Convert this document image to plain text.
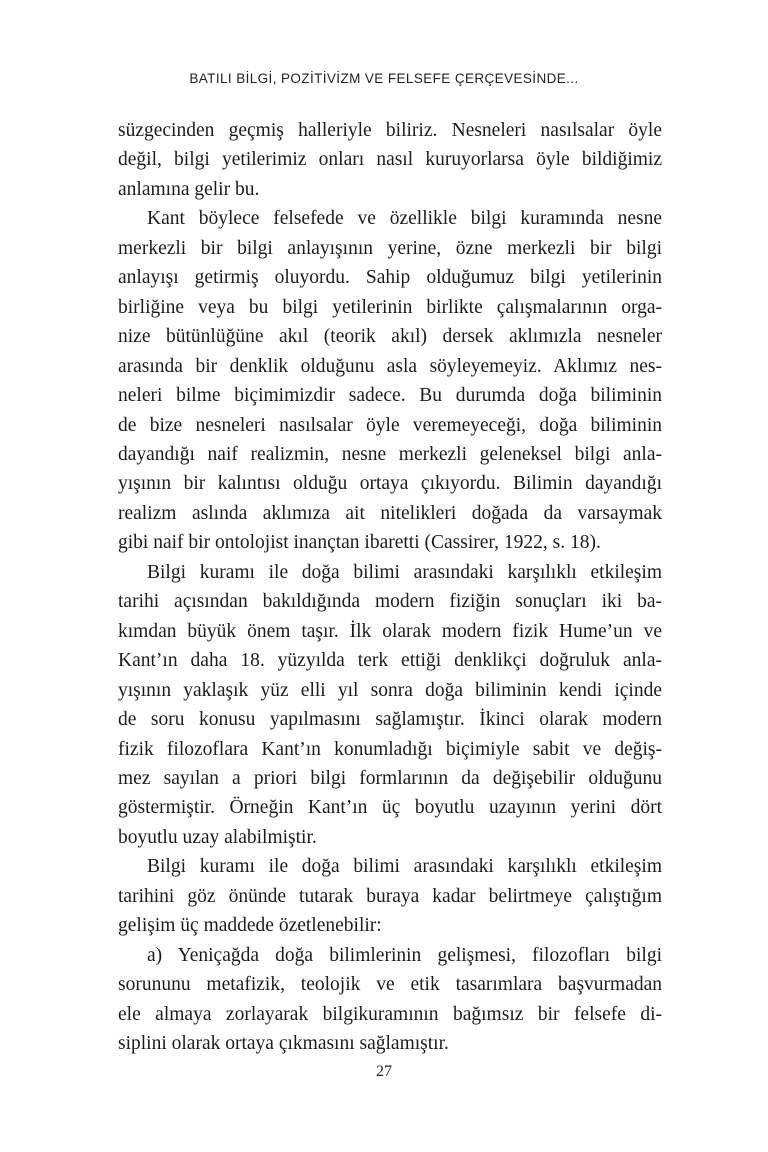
BATILI BİLGİ, POZİTİVİZM VE FELSEFE ÇERÇEVESİNDE...

süzgecinden geçmiş halleriyle biliriz. Nesneleri nasılsalar öyle
değil, bilgi yetilerimiz onları nasıl kuruyorlarsa öyle bildiğimiz
anlamına gelir bu.

Kant böylece felsefede ve özellikle bilgi kuramında nesne
merkezli bir bilgi anlayışının yerine, özne merkezli bir bilgi
anlayışı getirmiş oluyordu. Sahip olduğumuz bilgi yetilerinin
birliğine veya bu bilgi yetilerinin birlikte çalışmalarının orga-
nize bütünlüğüne akıl (teorik akıl) dersek aklımızla nesneler
arasında bir denklik olduğunu asla söyleyemeyiz. Aklımız nes-
neleri bilme biçimimizdir sadece. Bu durumda doğa biliminin
de bize nesneleri nasılsalar öyle veremeyeceği, doğa biliminin
dayandığı naif realizmin, nesne merkezli geleneksel bilgi anla-
yışının bir kalıntısı olduğu ortaya çıkıyordu. Bilimin dayandığı
realizm aslında aklımıza ait nitelikleri doğada da varsaymak
gibi naif bir ontolojist inançtan ibaretti (Cassirer, 1922, s. 18).

Bilgi kuramı ile doğa bilimi arasındaki karşılıklı etkileşim
tarihi açısından bakıldığında modern fiziğin sonuçları iki ba-
kımdan büyük önem taşır. İlk olarak modern fizik Hume’un ve
Kant’ın daha 18. yüzyılda terk ettiği denklikçi doğruluk anla-
yışının yaklaşık yüz elli yıl sonra doğa biliminin kendi içinde
de soru konusu yapılmasını sağlamıştır. İkinci olarak modern
fizik filozoflara Kant’ın konumladığı biçimiyle sabit ve değiş-
mez sayılan a priori bilgi formlarının da değişebilir olduğunu
göstermiştir. Örneğin Kant’ın üç boyutlu uzayının yerini dört
boyutlu uzay alabilmiştir.

Bilgi kuramı ile doğa bilimi arasındaki karşılıklı etkileşim
tarihini göz önünde tutarak buraya kadar belirtmeye çalıştığım
gelişim üç maddede özetlenebilir:

a) Yeniçağda doğa bilimlerinin gelişmesi, filozofları bilgi
sorununu metafizik, teolojik ve etik tasarımlara başvurmadan
ele almaya zorlayarak bilgikuramının bağımsız bir felsefe di-
siplini olarak ortaya çıkmasını sağlamıştır.

27
